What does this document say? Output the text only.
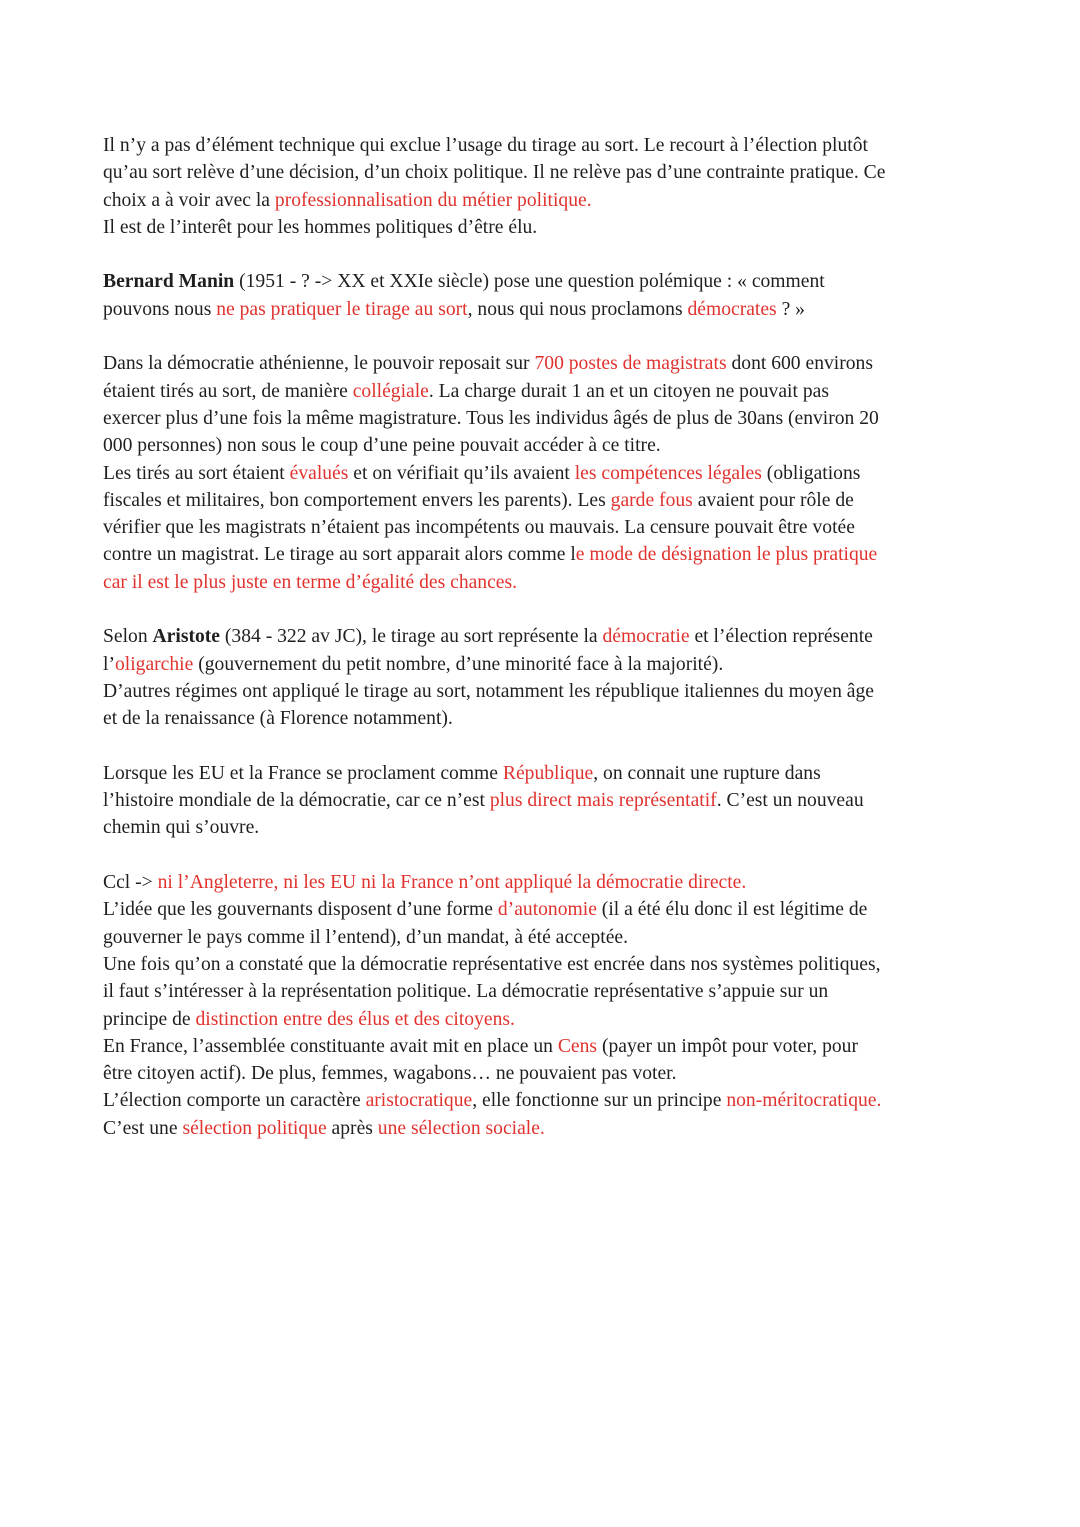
Il n’y a pas d’élément technique qui exclue l’usage du tirage au sort. Le recourt à l’élection plutôt
qu’au sort relève d’une décision, d’un choix politique. Il ne relève pas d’une contrainte pratique. Ce
choix a à voir avec la professionnalisation du métier politique.
Il est de l’interêt pour les hommes politiques d’être élu.

Bernard Manin (1951 - ? -> XX et XXIe siècle) pose une question polémique : « comment
pouvons nous ne pas pratiquer le tirage au sort, nous qui nous proclamons démocrates ? »

Dans la démocratie athénienne, le pouvoir reposait sur 700 postes de magistrats dont 600 environs
étaient tirés au sort, de manière collégiale. La charge durait 1 an et un citoyen ne pouvait pas
exercer plus d’une fois la même magistrature. Tous les individus âgés de plus de 30ans (environ 20
000 personnes) non sous le coup d’une peine pouvait accéder à ce titre.
Les tirés au sort étaient évalués et on vérifiait qu’ils avaient les compétences légales (obligations
fiscales et militaires, bon comportement envers les parents). Les garde fous avaient pour rôle de
vérifier que les magistrats n’étaient pas incompétents ou mauvais. La censure pouvait être votée
contre un magistrat. Le tirage au sort apparait alors comme le mode de désignation le plus pratique
car il est le plus juste en terme d’égalité des chances.

Selon Aristote (384 - 322 av JC), le tirage au sort représente la démocratie et l’élection représente
l’oligarchie (gouvernement du petit nombre, d’une minorité face à la majorité).
D’autres régimes ont appliqué le tirage au sort, notamment les république italiennes du moyen âge
et de la renaissance (à Florence notamment).

Lorsque les EU et la France se proclament comme République, on connait une rupture dans
l’histoire mondiale de la démocratie, car ce n’est plus direct mais représentatif. C’est un nouveau
chemin qui s’ouvre.

Ccl -> ni l’Angleterre, ni les EU ni la France n’ont appliqué la démocratie directe.
L’idée que les gouvernants disposent d’une forme d’autonomie (il a été élu donc il est légitime de
gouverner le pays comme il l’entend), d’un mandat, à été acceptée.
Une fois qu’on a constaté que la démocratie représentative est encrée dans nos systèmes politiques,
il faut s’intéresser à la représentation politique. La démocratie représentative s’appuie sur un
principe de distinction entre des élus et des citoyens.
En France, l’assemblée constituante avait mit en place un Cens (payer un impôt pour voter, pour
être citoyen actif). De plus, femmes, wagabons… ne pouvaient pas voter.
L’élection comporte un caractère aristocratique, elle fonctionne sur un principe non-méritocratique.
C’est une sélection politique après une sélection sociale.
